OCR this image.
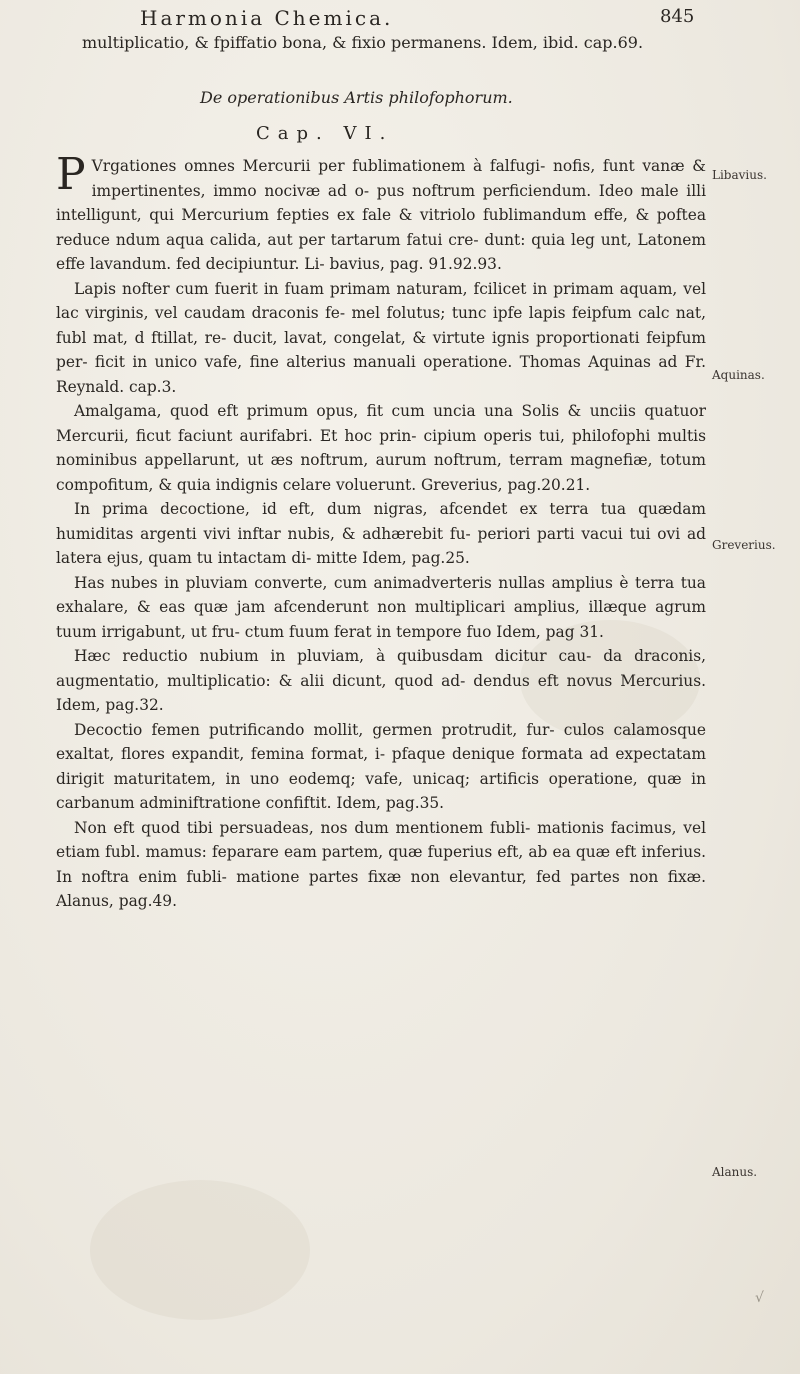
Harmonia Chemica.	845
multiplicatio, & fpiffatio bona, & fixio permanens. Idem, ibid. cap.69.
De operationibus Artis philofophorum.
Cap. VI.

P Vrgationes omnes Mercurii per fublimationem à falfugi- nofis, funt vanæ & impertinentes, immo nocivæ ad o- pus noftrum perficiendum. Ideo male illi intelligunt, qui Mercurium fepties ex fale & vitriolo fublimandum effe, & poftea reduce ndum aqua calida, aut per tartarum fatui cre- dunt: quia leg unt, Latonem effe lavandum. fed decipiuntur. Li- bavius, pag. 91.92.93.

Lapis nofter cum fuerit in fuam primam naturam, fcilicet in primam aquam, vel lac virginis, vel caudam draconis fe- mel folutus; tunc ipfe lapis feipfum calc nat, fubl mat, d ftillat, re- ducit, lavat, congelat, & virtute ignis proportionati feipfum per- ficit in unico vafe, fine alterius manuali operatione. Thomas Aquinas ad Fr. Reynald. cap.3.

Amalgama, quod eft primum opus, fit cum uncia una Solis & unciis quatuor Mercurii, ficut faciunt aurifabri. Et hoc prin- cipium operis tui, philofophi multis nominibus appellarunt, ut æs noftrum, aurum noftrum, terram magnefiæ, totum compofitum, & quia indignis celare voluerunt. Greverius, pag.20.21.

In prima decoctione, id eft, dum nigras, afcendet ex terra tua quædam humiditas argenti vivi inftar nubis, & adhærebit fu- periori parti vacui tui ovi ad latera ejus, quam tu intactam di- mitte Idem, pag.25.

Has nubes in pluviam converte, cum animadverteris nullas amplius è terra tua exhalare, & eas quæ jam afcenderunt non multiplicari amplius, illæque agrum tuum irrigabunt, ut fru- ctum fuum ferat in tempore fuo Idem, pag 31.

Hæc reductio nubium in pluviam, à quibusdam dicitur cau- da draconis, augmentatio, multiplicatio: & alii dicunt, quod ad- dendus eft novus Mercurius. Idem, pag.32.

Decoctio femen putrificando mollit, germen protrudit, fur- culos calamosque exaltat, flores expandit, femina format, i- pfaque denique formata ad expectatam dirigit maturitatem, in uno eodemq; vafe, unicaq; artificis operatione, quæ in carbanum adminiftratione confiftit. Idem, pag.35.

Non eft quod tibi persuadeas, nos dum mentionem fubli- mationis facimus, vel etiam fubl. mamus: feparare eam partem, quæ fuperius eft, ab ea quæ eft inferius. In noftra enim fubli- matione partes fixæ non elevantur, fed partes non fixæ. Alanus, pag.49.

Libavius.
Aquinas.
Greverius.
Alanus.
√
